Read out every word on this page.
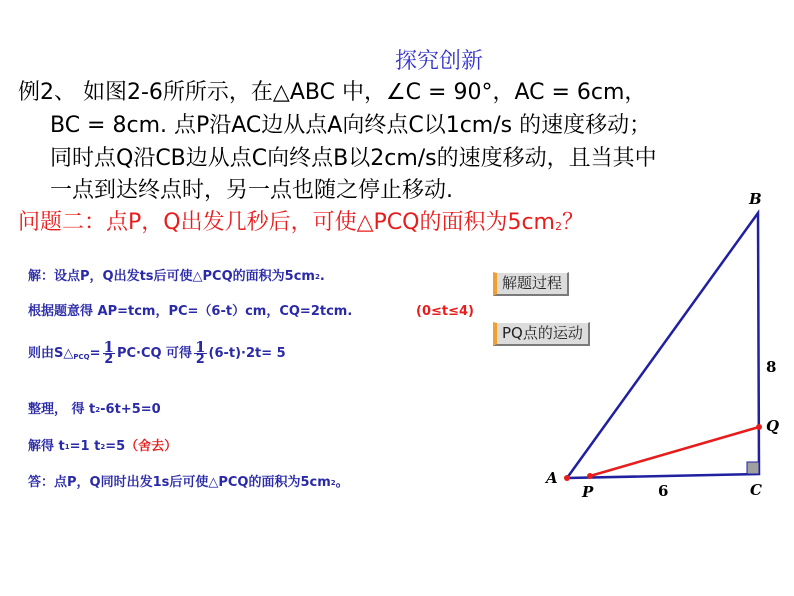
探究创新
例2、 如图2-6所所示，在△ABC 中，∠C = 90°，AC = 6cm，
BC = 8cm. 点P沿AC边从点A向终点C以1cm/s 的速度移动；
同时点Q沿CB边从点C向终点B以2cm/s的速度移动，且当其中
一点到达终点时，另一点也随之停止移动.
问题二：点P，Q出发几秒后，可使△PCQ的面积为$5cm^2$？
解：设点P，Q出发ts后可使△PCQ的面积为$5cm^2$.
根据题意得 AP=tcm，PC=（6-t）cm，CQ=2tcm.	(0≤t≤4)
则由S△PCQ= $\frac{1}{2} PC\cdot CQ$ 可得 $\frac{1}{2} (6-t)\cdot 2t= 5$
整理， 得 $t^2-6t+5=0$
解得 t1=1 t2=5（舍去）
答：点P，Q同时出发1s后可使△PCQ的面积为$5cm^2$。
解题过程
PQ点的运动
B
A
C
P
Q
8
6
